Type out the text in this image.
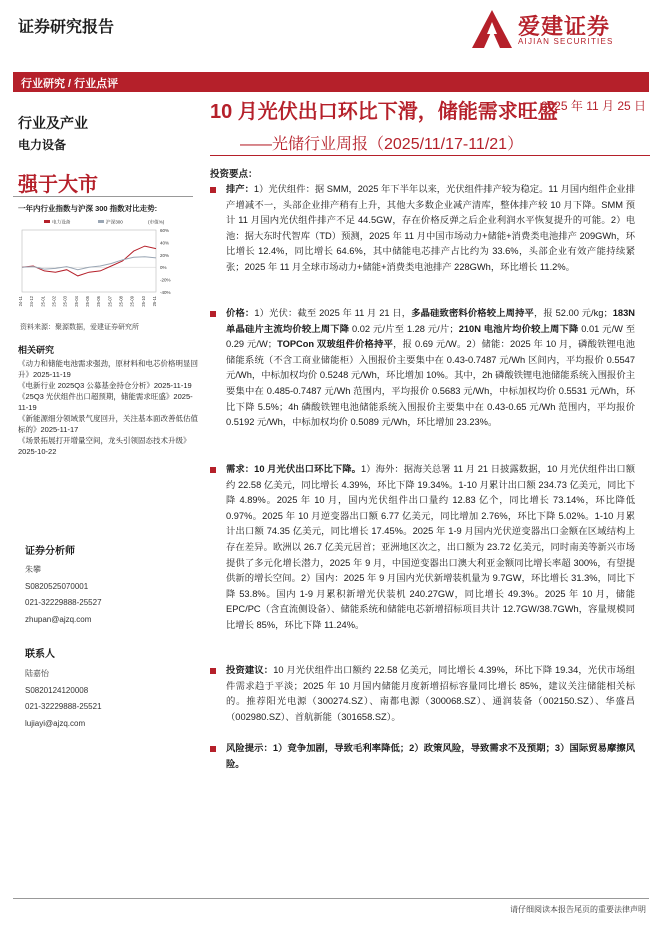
证券研究报告	爱建证券
AIJIAN SECURITIES
行业研究 / 行业点评
2025 年 11 月 25 日
10 月光伏出口环比下滑，储能需求旺盛
——光储行业周报（2025/11/17-11/21）
行业及产业
电力设备
强于大市
一年内行业指数与沪深 300 指数对比走势:
60%
40%
20%
0%
-20%
-40%
24-11 24-12 25-01 25-02 25-03 25-04 25-05 25-06 25-07 25-08 25-09 25-10 25-11
电力设备	沪深300	(市值%)
资料来源：聚源数据，爱建证券研究所
相关研究
《动力和储能电池需求强劲，原材料和电芯价格明显回升》2025-11-19
《电新行业 2025Q3 公募基金持仓分析》2025-11-19
《25Q3 光伏组件出口超预期，储能需求旺盛》2025-11-19
《新能源细分领域景气度回升，关注基本面改善低估值标的》2025-11-17
《场景拓展打开增量空间，龙头引领固态技术升级》2025-10-22
证券分析师
朱攀
S0820525070001
021-32229888-25527
zhupan@ajzq.com
联系人
陆嘉怡
S0820124120008
021-32229888-25521
lujiayi@ajzq.com
投资要点：
排产：1）光伏组件：据 SMM，2025 年下半年以来，光伏组件排产较为稳定。11 月国内组件企业排产增减不一，头部企业排产稍有上升，其他大多数企业减产清库，整体排产较 10 月下降。SMM 预计 11 月国内光伏组件排产不足 44.5GW，存在价格反弹之后企业利润水平恢复提升的可能。2）电池：据大东时代智库（TD）预测，2025 年 11 月中国市场动力+储能+消费类电池排产 209GWh，环比增长 12.4%，同比增长 64.6%，其中储能电芯排产占比约为 33.6%，头部企业有效产能持续紧张；2025 年 11 月全球市场动力+储能+消费类电池排产 228GWh，环比增长 11.2%。
价格：1）光伏：截至 2025 年 11 月 21 日，多晶硅致密料价格较上周持平，报 52.00 元/kg；183N 单晶硅片主流均价较上周下降 0.02 元/片至 1.28 元/片；210N 电池片均价较上周下降 0.01 元/W 至 0.29 元/W；TOPCon 双玻组件价格持平，报 0.69 元/W。2）储能：2025 年 10 月，磷酸铁锂电池储能系统（不含工商业储能柜）入围报价主要集中在 0.43-0.7487 元/Wh 区间内，平均报价 0.5547 元/Wh，中标加权均价 0.5248 元/Wh，环比增加 10%。其中，2h 磷酸铁锂电池储能系统入围报价主要集中在 0.485-0.7487 元/Wh 范围内，平均报价 0.5683 元/Wh，中标加权均价 0.5531 元/Wh，环比下降 5.5%；4h 磷酸铁锂电池储能系统入围报价主要集中在 0.43-0.65 元/Wh 范围内，平均报价 0.5192 元/Wh，中标加权均价 0.5089 元/Wh，环比增加 23.23%。
需求：10 月光伏出口环比下降。1）海外：据海关总署 11 月 21 日披露数据，10 月光伏组件出口额约 22.58 亿美元，同比增长 4.39%，环比下降 19.34%。1-10 月累计出口额 234.73 亿美元，同比下降 4.89%。2025 年 10 月，国内光伏组件出口量约 12.83 亿个，同比增长 73.14%，环比降低 0.97%。2025 年 10 月逆变器出口额 6.77 亿美元，同比增加 2.76%，环比下降 5.02%。1-10 月累计出口额 74.35 亿美元，同比增长 17.45%。2025 年 1-9 月国内光伏逆变器出口金额在区域结构上存在差异。欧洲以 26.7 亿美元居首；亚洲地区次之，出口额为 23.72 亿美元，同时南美等新兴市场提供了多元化增长潜力，2025 年 9 月，中国逆变器出口澳大利亚金额同比增长率超 300%，有望提供新的增长空间。2）国内：2025 年 9 月国内光伏新增装机量为 9.7GW，环比增长 31.3%，同比下降 53.8%。国内 1-9 月累积新增光伏装机 240.27GW，同比增长 49.3%。2025 年 10 月，储能 EPC/PC（含直流侧设备）、储能系统和储能电芯新增招标项目共计 12.7GW/38.7GWh，容量规模同比增长 85%，环比下降 11.24%。
投资建议：10 月光伏组件出口额约 22.58 亿美元，同比增长 4.39%，环比下降 19.34，光伏市场组件需求趋于平淡；2025 年 10 月国内储能月度新增招标容量同比增长 85%，建议关注储能相关标的。推荐阳光电源（300274.SZ）、南都电源（300068.SZ）、通润装备（002150.SZ）、华盛昌（002980.SZ）、首航新能（301658.SZ）。
风险提示：1）竞争加剧，导致毛利率降低；2）政策风险，导致需求不及预期；3）国际贸易摩擦风险。
请仔细阅读本报告尾页的重要法律声明
